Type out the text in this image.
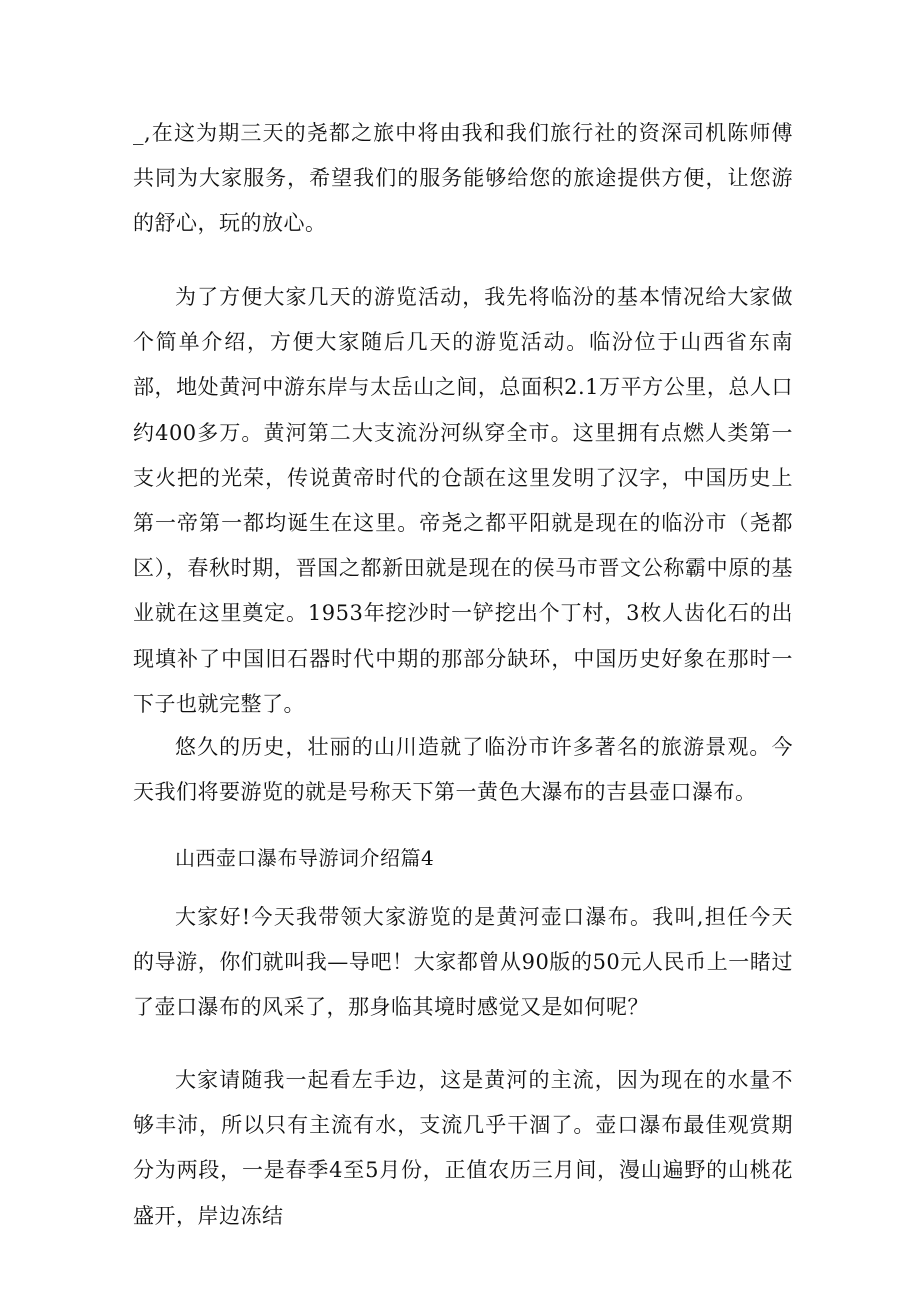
_,在这为期三天的尧都之旅中将由我和我们旅行社的资深司机陈师傅共同为大家服务，希望我们的服务能够给您的旅途提供方便，让您游的舒心，玩的放心。

为了方便大家几天的游览活动，我先将临汾的基本情况给大家做个简单介绍，方便大家随后几天的游览活动。临汾位于山西省东南部，地处黄河中游东岸与太岳山之间，总面积2.1万平方公里，总人口约400多万。黄河第二大支流汾河纵穿全市。这里拥有点燃人类第一支火把的光荣，传说黄帝时代的仓颉在这里发明了汉字，中国历史上第一帝第一都均诞生在这里。帝尧之都平阳就是现在的临汾市（尧都区），春秋时期，晋国之都新田就是现在的侯马市晋文公称霸中原的基业就在这里奠定。1953年挖沙时一铲挖出个丁村，3枚人齿化石的出现填补了中国旧石器时代中期的那部分缺环，中国历史好象在那时一下子也就完整了。

悠久的历史，壮丽的山川造就了临汾市许多著名的旅游景观。今天我们将要游览的就是号称天下第一黄色大瀑布的吉县壶口瀑布。

山西壶口瀑布导游词介绍篇4

大家好!今天我带领大家游览的是黄河壶口瀑布。我叫,担任今天的导游，你们就叫我—导吧！大家都曾从90版的50元人民币上一睹过了壶口瀑布的风采了，那身临其境时感觉又是如何呢？

大家请随我一起看左手边，这是黄河的主流，因为现在的水量不够丰沛，所以只有主流有水，支流几乎干涸了。壶口瀑布最佳观赏期分为两段，一是春季4至5月份，正值农历三月间，漫山遍野的山桃花盛开，岸边冻结
